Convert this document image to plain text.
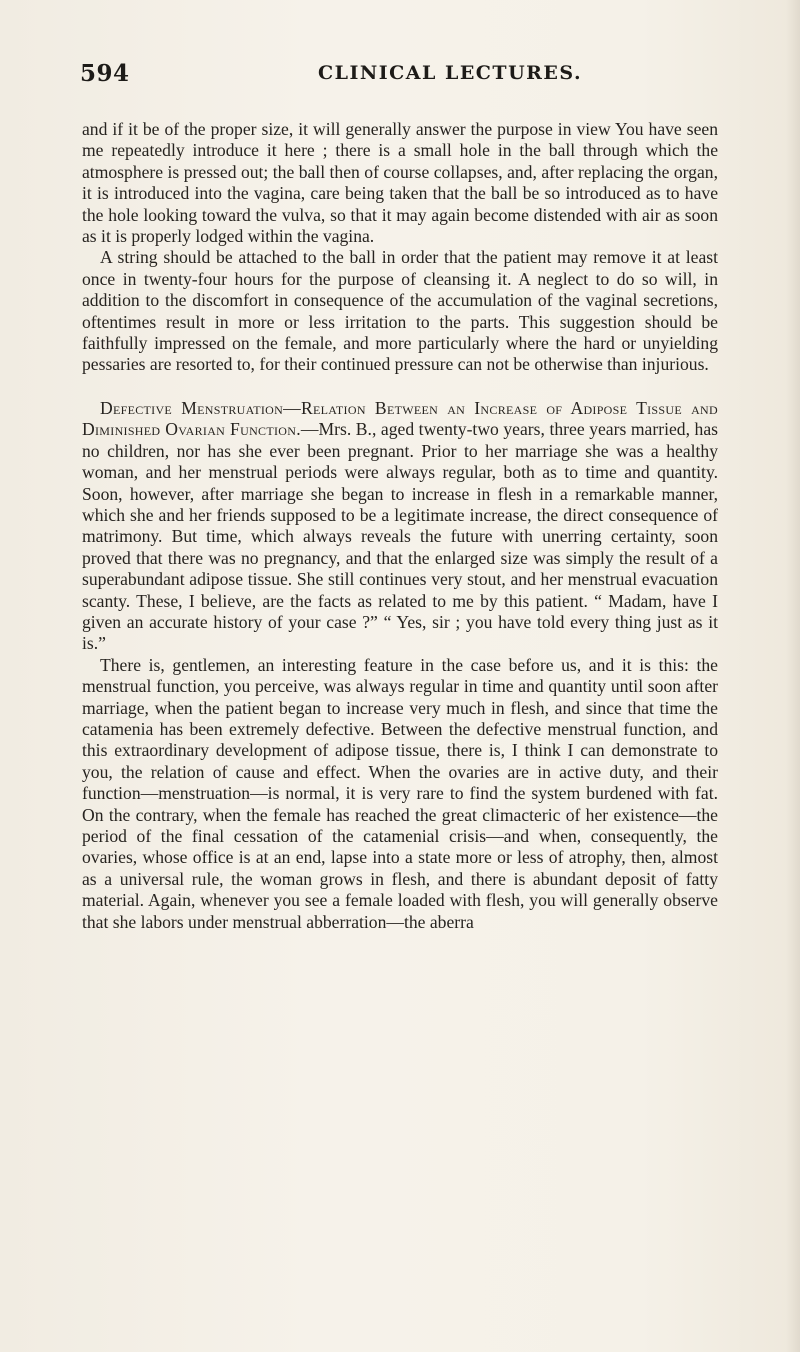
594	CLINICAL LECTURES.

and if it be of the proper size, it will generally answer the purpose in view You have seen me repeatedly introduce it here ; there is a small hole in the ball through which the atmosphere is pressed out; the ball then of course collapses, and, after replacing the organ, it is introduced into the vagina, care being taken that the ball be so introduced as to have the hole looking toward the vulva, so that it may again become distended with air as soon as it is properly lodged within the vagina.

A string should be attached to the ball in order that the patient may remove it at least once in twenty-four hours for the purpose of cleansing it. A neglect to do so will, in addition to the discomfort in consequence of the accumulation of the vaginal secretions, oftentimes result in more or less irritation to the parts. This suggestion should be faithfully impressed on the female, and more particularly where the hard or unyielding pessaries are resorted to, for their continued pressure can not be otherwise than injurious.

Defective Menstruation—Relation Between an Increase of Adipose Tissue and Diminished Ovarian Function.—Mrs. B., aged twenty-two years, three years married, has no children, nor has she ever been pregnant. Prior to her marriage she was a healthy woman, and her menstrual periods were always regular, both as to time and quantity. Soon, however, after marriage she began to increase in flesh in a remarkable manner, which she and her friends supposed to be a legitimate increase, the direct consequence of matrimony. But time, which always reveals the future with unerring certainty, soon proved that there was no pregnancy, and that the enlarged size was simply the result of a superabundant adipose tissue. She still continues very stout, and her menstrual evacuation scanty. These, I believe, are the facts as related to me by this patient. “ Madam, have I given an accurate history of your case ?” “ Yes, sir ; you have told every thing just as it is.”

There is, gentlemen, an interesting feature in the case before us, and it is this: the menstrual function, you perceive, was always regular in time and quantity until soon after marriage, when the patient began to increase very much in flesh, and since that time the catamenia has been extremely defective. Between the defective menstrual function, and this extraordinary development of adipose tissue, there is, I think I can demonstrate to you, the relation of cause and effect. When the ovaries are in active duty, and their function—menstruation—is normal, it is very rare to find the system burdened with fat. On the contrary, when the female has reached the great climacteric of her existence—the period of the final cessation of the catamenial crisis—and when, consequently, the ovaries, whose office is at an end, lapse into a state more or less of atrophy, then, almost as a universal rule, the woman grows in flesh, and there is abundant deposit of fatty material. Again, whenever you see a female loaded with flesh, you will generally observe that she labors under menstrual abberration—the aberra
